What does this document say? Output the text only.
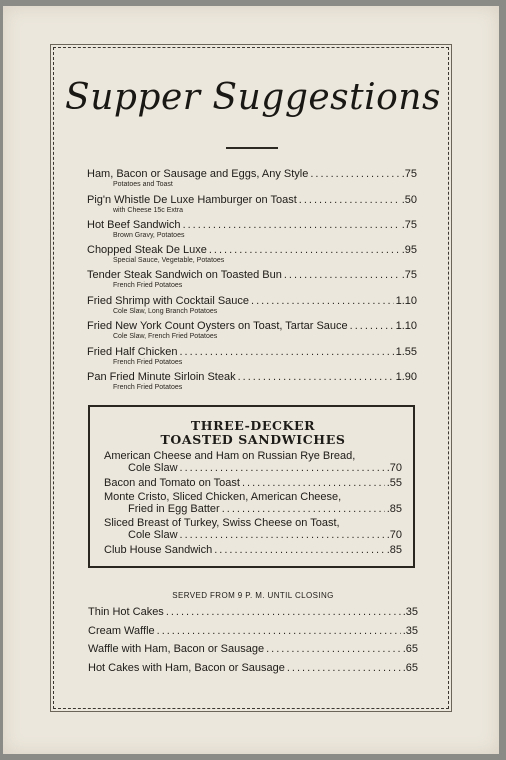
Supper Suggestions
Ham, Bacon or Sausage and Eggs, Any Style .....	.75
Potatoes and Toast
Pig'n Whistle De Luxe Hamburger on Toast .....	.50
with Cheese 15c Extra
Hot Beef Sandwich .....	.75
Brown Gravy, Potatoes
Chopped Steak De Luxe .....	.95
Special Sauce, Vegetable, Potatoes
Tender Steak Sandwich on Toasted Bun .....	.75
French Fried Potatoes
Fried Shrimp with Cocktail Sauce .....	1.10
Cole Slaw, Long Branch Potatoes
Fried New York Count Oysters on Toast, Tartar Sauce .....	1.10
Cole Slaw, French Fried Potatoes
Fried Half Chicken .....	1.55
French Fried Potatoes
Pan Fried Minute Sirloin Steak .....	1.90
French Fried Potatoes
THREE-DECKER
TOASTED SANDWICHES
American Cheese and Ham on Russian Rye Bread,
Cole Slaw .....	.70
Bacon and Tomato on Toast .....	.55
Monte Cristo, Sliced Chicken, American Cheese,
Fried in Egg Batter .....	.85
Sliced Breast of Turkey, Swiss Cheese on Toast,
Cole Slaw .....	.70
Club House Sandwich .....	.85
SERVED FROM 9 P. M. UNTIL CLOSING
Thin Hot Cakes .....	.35
Cream Waffle .....	.35
Waffle with Ham, Bacon or Sausage .....	.65
Hot Cakes with Ham, Bacon or Sausage .....	.65
